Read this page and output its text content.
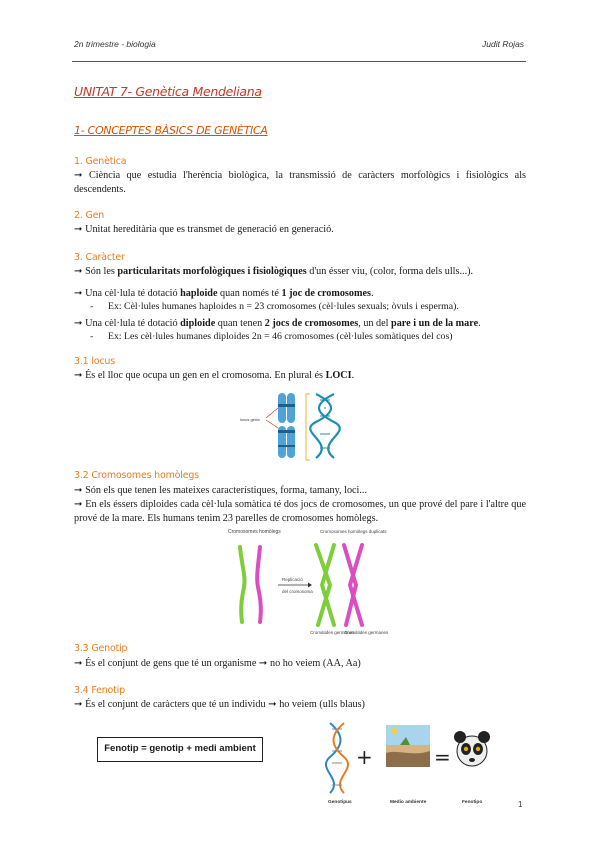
2n trimestre - biologia	Judit Rojas
UNITAT 7- Genètica Mendeliana
1- CONCEPTES BÀSICS DE GENÈTICA
1. Genètica
➞ Ciència que estudia l'herència biològica, la transmissió de caràcters morfològics i fisiològics als descendents.
2. Gen
➞ Unitat hereditària que es transmet de generació en generació.
3. Caràcter
➞ Són les particularitats morfològiques i fisiològiques d'un ésser viu, (color, forma dels ulls...).
➞ Una cèl·lula té dotació haploide quan només té 1 joc de cromosomes.
- Ex: Cèl·lules humanes haploides n = 23 cromosomes (cèl·lules sexuals; òvuls i esperma).
➞ Una cèl·lula té dotació diploide quan tenen 2 jocs de cromosomes, un del pare i un de la mare.
- Ex: Les cèl·lules humanes diploides 2n = 46 cromosomes (cèl·lules somàtiques del cos)
3.1 locus
➞ És el lloc que ocupa un gen en el cromosoma. En plural és LOCI.
locus gènic
3.2 Cromosomes homòlegs
➞ Són els que tenen les mateixes característiques, forma, tamany, loci...
➞ En els éssers diploides cada cèl·lula somàtica té dos jocs de cromosomes, un que prové del pare i l'altre que prové de la mare. Els humans tenim 23 parelles de cromosomes homòlegs.
Cromosomes homòlegs	Cromosomes homòlegs duplicats
Replicació
del cromosoma
Cromàtides germanes
Cromàtides germanes
3.3 Genotip
➞ És el conjunt de gens que té un organisme ➞ no ho veiem (AA, Aa)
3.4 Fenotip
➞ És el conjunt de caràcters que té un individu ➞ ho veiem (ulls blaus)
Fenotip = genotip + medi ambient	+	=
Genotipus	Medio ambiente	Fenotipo	1
